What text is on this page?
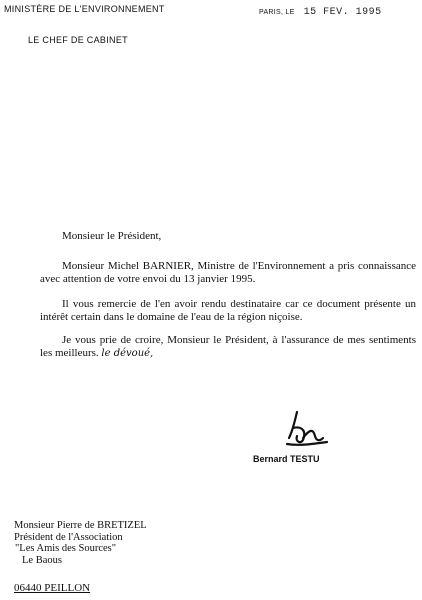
MINISTÈRE DE L'ENVIRONNEMENT
LE CHEF DE CABINET
PARIS, LE 15 FEV. 1995
Monsieur le Président,
Monsieur Michel BARNIER, Ministre de l'Environnement a pris connaissance avec attention de votre envoi du 13 janvier 1995.
Il vous remercie de l'en avoir rendu destinataire car ce document présente un intérêt certain dans le domaine de l'eau de la région niçoise.
Je vous prie de croire, Monsieur le Président, à l'assurance de mes sentiments les meilleurs. le dévoué,
Bernard TESTU
Monsieur Pierre de BRETIZEL
Président de l'Association
"Les Amis des Sources"
Le Baous
06440 PEILLON
